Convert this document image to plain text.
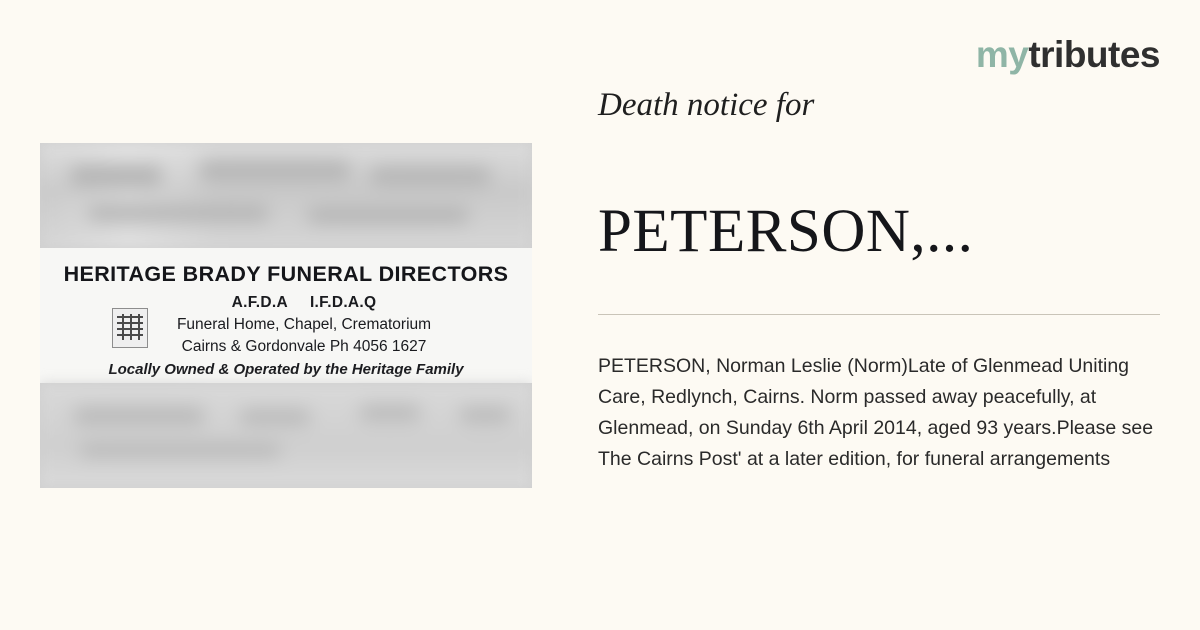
mytributes
HERITAGE BRADY FUNERAL DIRECTORS
A.F.D.A I.F.D.A.Q
Funeral Home, Chapel, Crematorium
Cairns & Gordonvale Ph 4056 1627
Locally Owned & Operated by the Heritage Family

Death notice for

PETERSON,...

PETERSON, Norman Leslie (Norm)Late of Glenmead Uniting Care, Redlynch, Cairns. Norm passed away peacefully, at Glenmead, on Sunday 6th April 2014, aged 93 years.Please see The Cairns Post' at a later edition, for funeral arrangements
